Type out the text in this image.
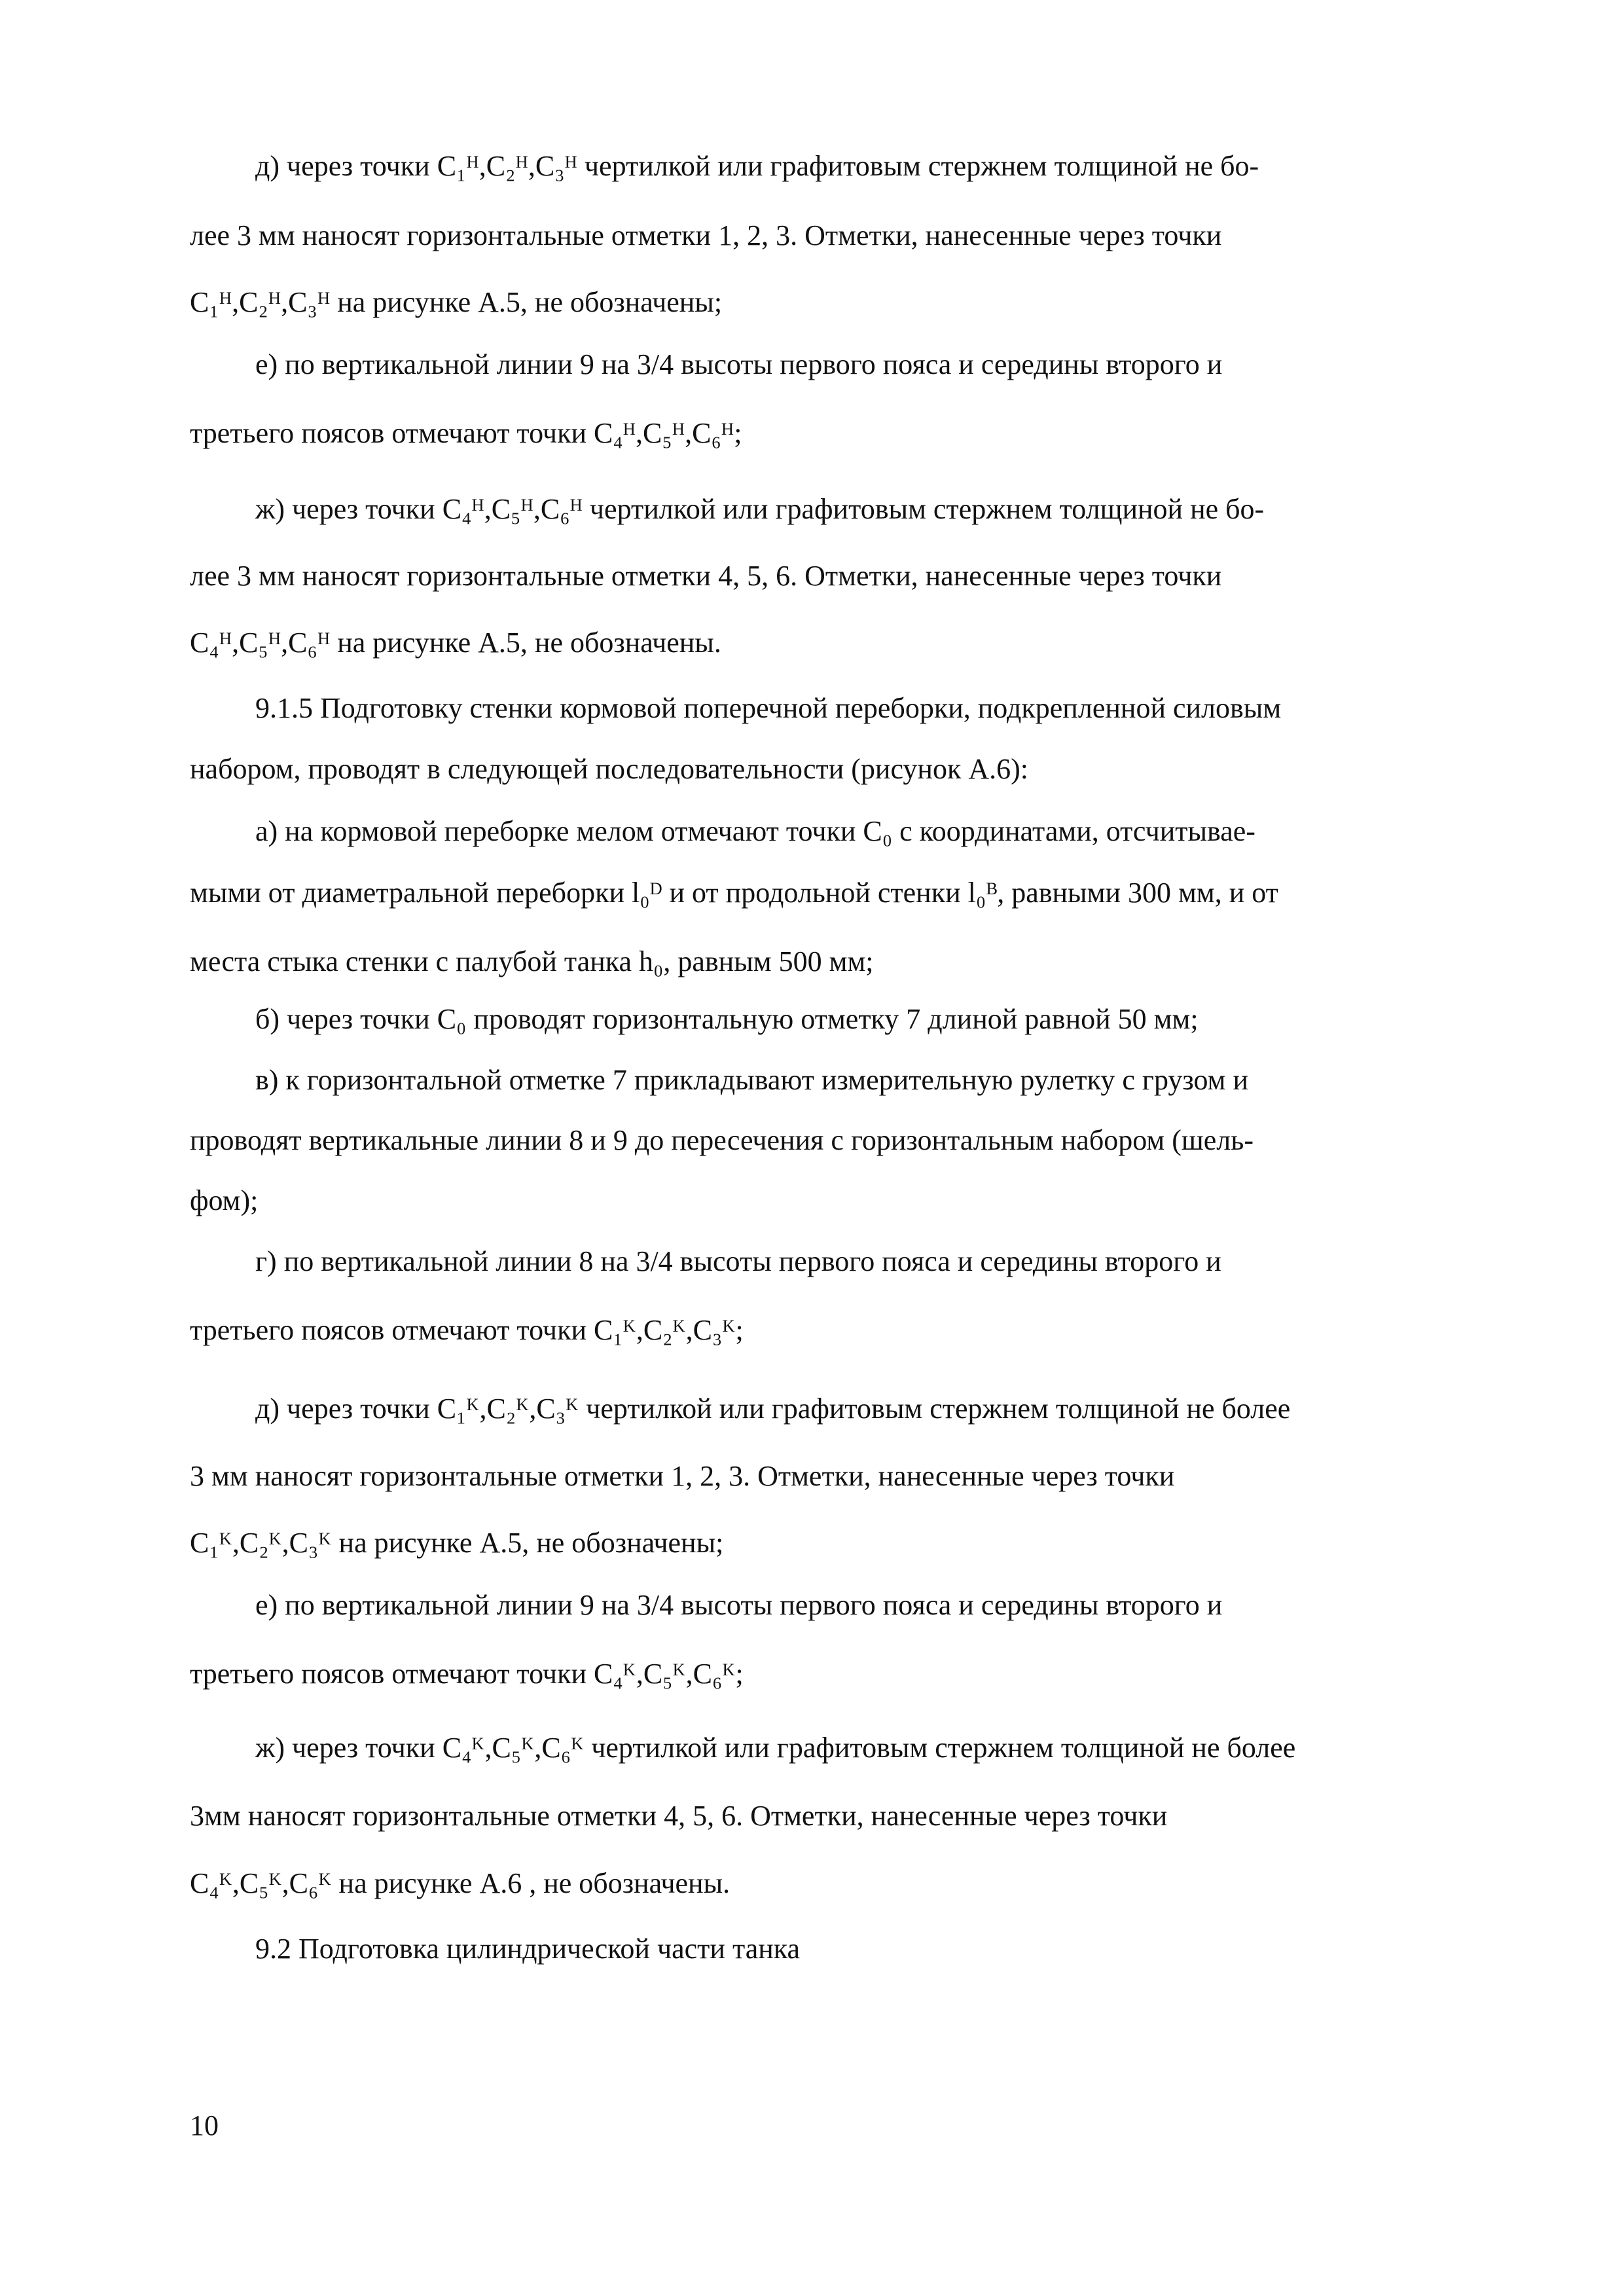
д) через точки С₁ᴴ,С₂ᴴ,С₃ᴴ чертилкой или графитовым стержнем толщиной не бо-
лее 3 мм наносят горизонтальные отметки 1, 2, 3. Отметки, нанесенные через точки
С₁ᴴ,С₂ᴴ,С₃ᴴ на рисунке А.5, не обозначены;
е) по вертикальной линии 9 на 3/4 высоты первого пояса и середины второго и
третьего поясов отмечают точки С₄ᴴ,С₅ᴴ,С₆ᴴ;
ж) через точки С₄ᴴ,С₅ᴴ,С₆ᴴ чертилкой или графитовым стержнем толщиной не бо-
лее 3 мм наносят горизонтальные отметки 4, 5, 6. Отметки, нанесенные через точки
С₄ᴴ,С₅ᴴ,С₆ᴴ на рисунке А.5, не обозначены.
9.1.5 Подготовку стенки кормовой поперечной переборки, подкрепленной силовым
набором, проводят в следующей последовательности (рисунок А.6):
а) на кормовой переборке мелом отмечают точки С₀ с координатами, отсчитывае-
мыми от диаметральной переборки l₀ᴰ и от продольной стенки l₀ᴮ, равными 300 мм, и от
места стыка стенки с палубой танка h₀, равным 500 мм;
б) через точки С₀ проводят горизонтальную отметку 7 длиной равной 50 мм;
в) к горизонтальной отметке 7 прикладывают измерительную рулетку с грузом и
проводят вертикальные линии 8 и 9 до пересечения с горизонтальным набором (шель-
фом);
г) по вертикальной линии 8 на 3/4 высоты первого пояса и середины второго и
третьего поясов отмечают точки С₁ᴷ,С₂ᴷ,С₃ᴷ;
д) через точки С₁ᴷ,С₂ᴷ,С₃ᴷ чертилкой или графитовым стержнем толщиной не более
3 мм наносят горизонтальные отметки 1, 2, 3. Отметки, нанесенные через точки
С₁ᴷ,С₂ᴷ,С₃ᴷ на рисунке А.5, не обозначены;
е) по вертикальной линии 9 на 3/4 высоты первого пояса и середины второго и
третьего поясов отмечают точки С₄ᴷ,С₅ᴷ,С₆ᴷ;
ж) через точки С₄ᴷ,С₅ᴷ,С₆ᴷ чертилкой или графитовым стержнем толщиной не более
3мм наносят горизонтальные отметки 4, 5, 6. Отметки, нанесенные через точки
С₄ᴷ,С₅ᴷ,С₆ᴷ на рисунке А.6 , не обозначены.
9.2 Подготовка цилиндрической части танка
10
